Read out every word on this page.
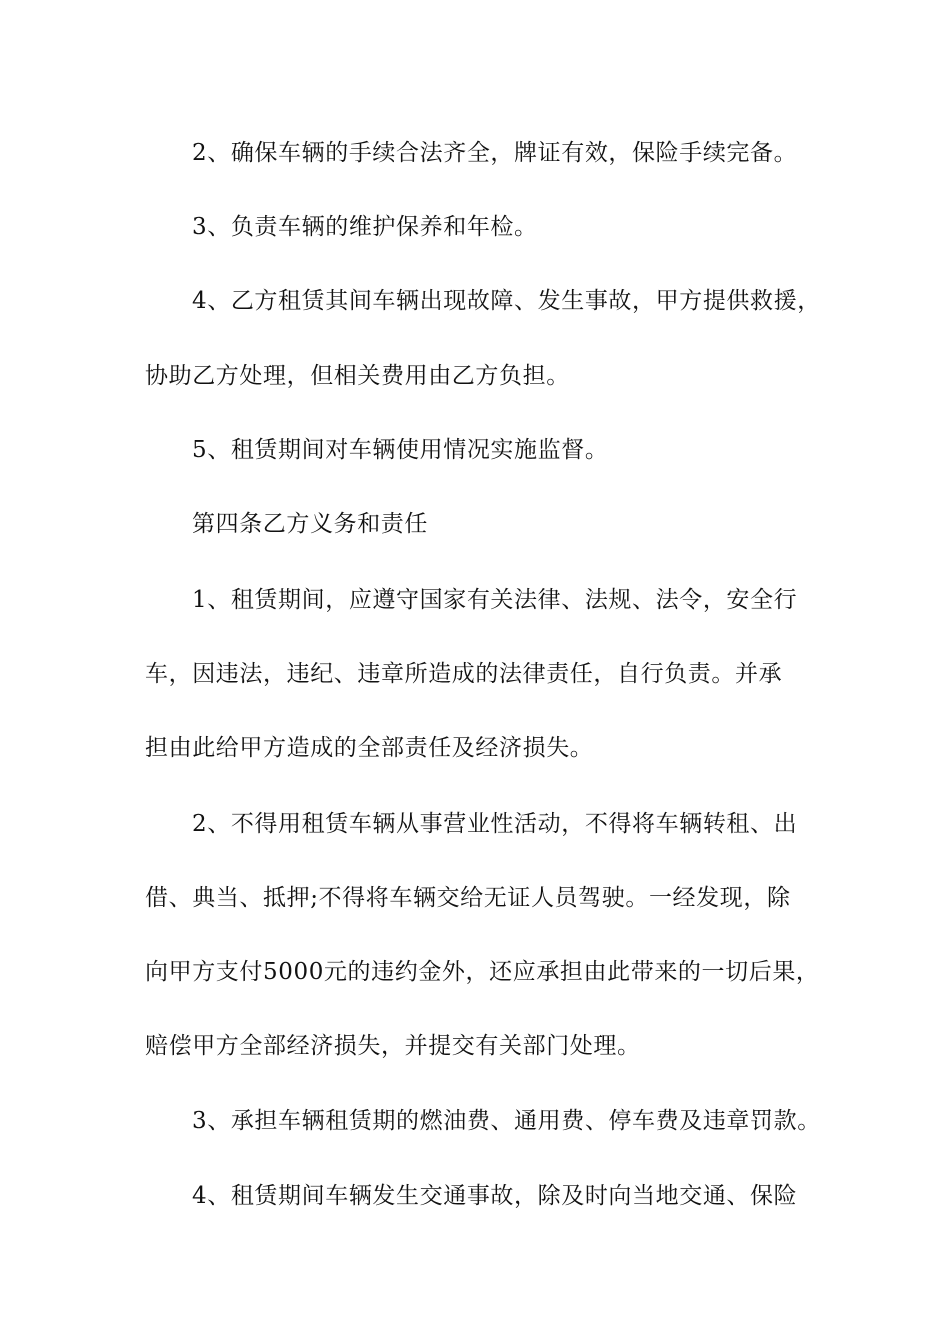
2、确保车辆的手续合法齐全，牌证有效，保险手续完备。
3、负责车辆的维护保养和年检。
4、乙方租赁其间车辆出现故障、发生事故，甲方提供救援，
协助乙方处理，但相关费用由乙方负担。
5、租赁期间对车辆使用情况实施监督。
第四条乙方义务和责任
1、租赁期间，应遵守国家有关法律、法规、法令，安全行
车，因违法，违纪、违章所造成的法律责任，自行负责。并承
担由此给甲方造成的全部责任及经济损失。
2、不得用租赁车辆从事营业性活动，不得将车辆转租、出
借、典当、抵押;不得将车辆交给无证人员驾驶。一经发现，除
向甲方支付5000元的违约金外，还应承担由此带来的一切后果，
赔偿甲方全部经济损失，并提交有关部门处理。
3、承担车辆租赁期的燃油费、通用费、停车费及违章罚款。
4、租赁期间车辆发生交通事故，除及时向当地交通、保险
